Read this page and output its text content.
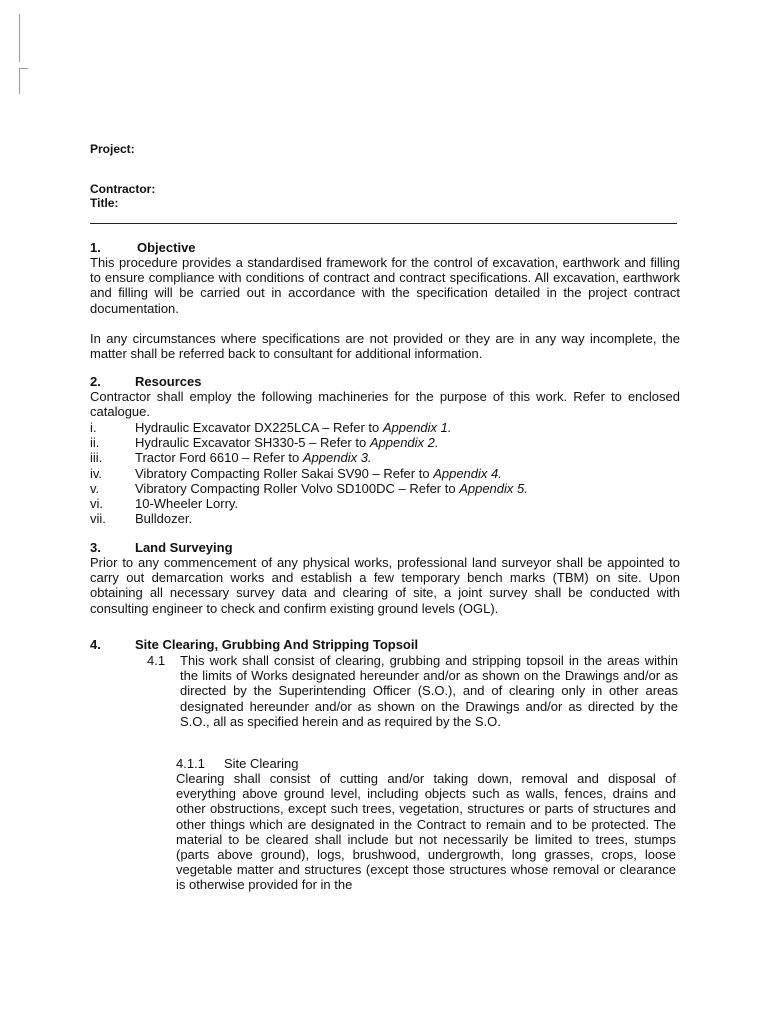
Project:
Contractor:
Title:
1.	Objective
This procedure provides a standardised framework for the control of excavation, earthwork and filling to ensure compliance with conditions of contract and contract specifications. All excavation, earthwork and filling will be carried out in accordance with the specification detailed in the project contract documentation.
In any circumstances where specifications are not provided or they are in any way incomplete, the matter shall be referred back to consultant for additional information.
2.	Resources
Contractor shall employ the following machineries for the purpose of this work. Refer to enclosed catalogue.
i.	Hydraulic Excavator DX225LCA – Refer to Appendix 1.
ii.	Hydraulic Excavator SH330-5 – Refer to Appendix 2.
iii.	Tractor Ford 6610 – Refer to Appendix 3.
iv.	Vibratory Compacting Roller Sakai SV90 – Refer to Appendix 4.
v.	Vibratory Compacting Roller Volvo SD100DC – Refer to Appendix 5.
vi. 10-Wheeler Lorry.
vii. Bulldozer.
3.	Land Surveying
Prior to any commencement of any physical works, professional land surveyor shall be appointed to carry out demarcation works and establish a few temporary bench marks (TBM) on site. Upon obtaining all necessary survey data and clearing of site, a joint survey shall be conducted with consulting engineer to check and confirm existing ground levels (OGL).
4.	Site Clearing, Grubbing And Stripping Topsoil
4.1 This work shall consist of clearing, grubbing and stripping topsoil in the areas within the limits of Works designated hereunder and/or as shown on the Drawings and/or as directed by the Superintending Officer (S.O.), and of clearing only in other areas designated hereunder and/or as shown on the Drawings and/or as directed by the S.O., all as specified herein and as required by the S.O.
4.1.1 Site Clearing
Clearing shall consist of cutting and/or taking down, removal and disposal of everything above ground level, including objects such as walls, fences, drains and other obstructions, except such trees, vegetation, structures or parts of structures and other things which are designated in the Contract to remain and to be protected. The material to be cleared shall include but not necessarily be limited to trees, stumps (parts above ground), logs, brushwood, undergrowth, long grasses, crops, loose vegetable matter and structures (except those structures whose removal or clearance is otherwise provided for in the
